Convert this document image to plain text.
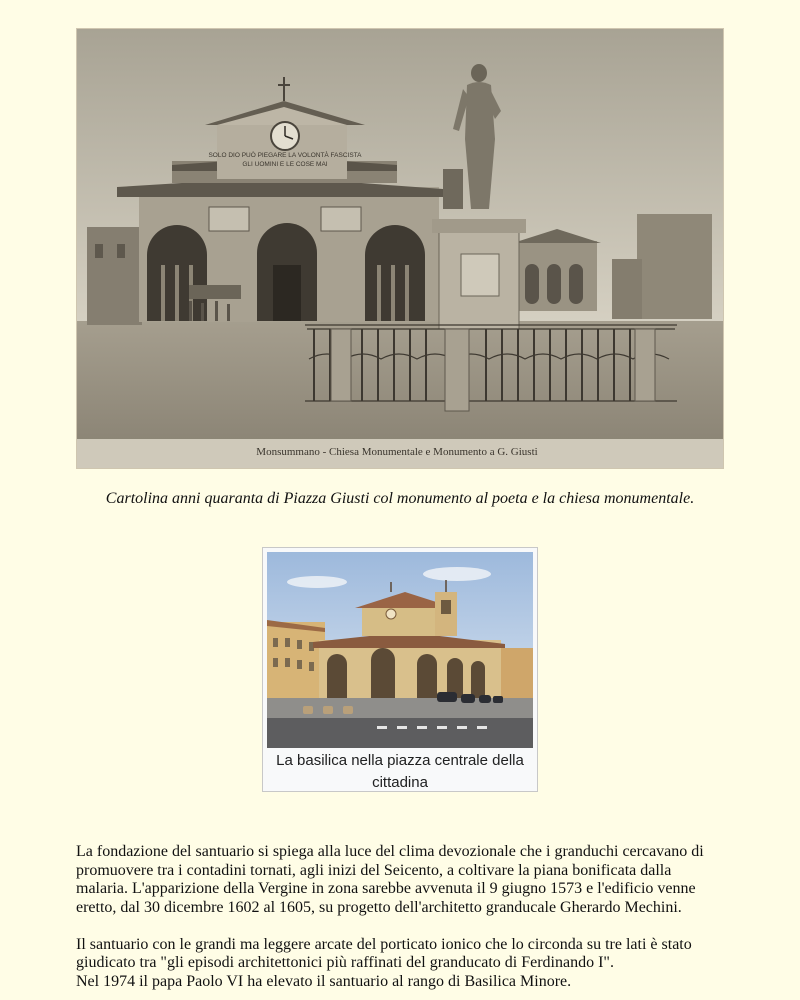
SOLO DIO PUÒ PIEGARE LA VOLONTÀ FASCISTA
GLI UOMINI E LE COSE MAI
Monsummano - Chiesa Monumentale e Monumento a G. Giusti
Cartolina anni quaranta di Piazza Giusti col monumento al poeta e la chiesa monumentale.
La basilica nella piazza centrale della cittadina

La fondazione del santuario si spiega alla luce del clima devozionale che i granduchi cercavano di promuovere tra i contadini tornati, agli inizi del Seicento, a coltivare la piana bonificata dalla malaria. L'apparizione della Vergine in zona sarebbe avvenuta il 9 giugno 1573 e l'edificio venne eretto, dal 30 dicembre 1602 al 1605, su progetto dell'architetto granducale Gherardo Mechini.

Il santuario con le grandi ma leggere arcate del porticato ionico che lo circonda su tre lati è stato giudicato tra "gli episodi architettonici più raffinati del granducato di Ferdinando I".
Nel 1974 il papa Paolo VI ha elevato il santuario al rango di Basilica Minore.
